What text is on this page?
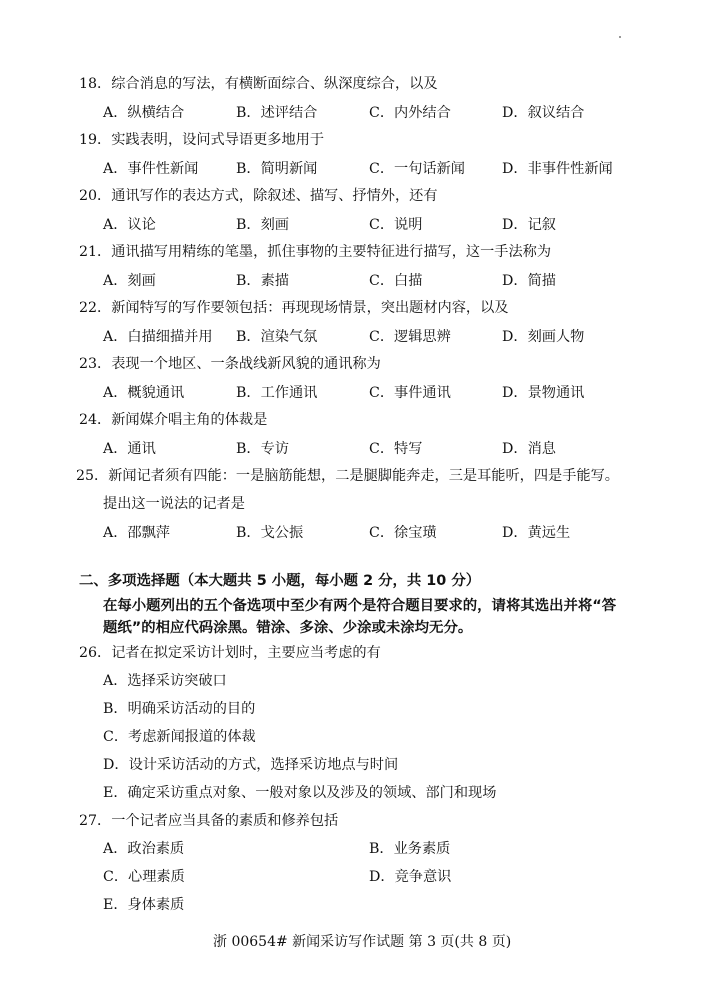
18．综合消息的写法，有横断面综合、纵深度综合，以及
A．纵横结合	B．述评结合	C．内外结合	D．叙议结合
19．实践表明，设问式导语更多地用于
A．事件性新闻	B．简明新闻	C．一句话新闻	D．非事件性新闻
20．通讯写作的表达方式，除叙述、描写、抒情外，还有
A．议论	B．刻画	C．说明	D．记叙
21．通讯描写用精练的笔墨，抓住事物的主要特征进行描写，这一手法称为
A．刻画	B．素描	C．白描	D．简描
22．新闻特写的写作要领包括：再现现场情景，突出题材内容，以及
A．白描细描并用 B．渲染气氛	C．逻辑思辨	D．刻画人物
23．表现一个地区、一条战线新风貌的通讯称为
A．概貌通讯	B．工作通讯	C．事件通讯	D．景物通讯
24．新闻媒介唱主角的体裁是
A．通讯	B．专访	C．特写	D．消息
25．新闻记者须有四能：一是脑筋能想，二是腿脚能奔走，三是耳能听，四是手能写。
提出这一说法的记者是
A．邵飘萍	B．戈公振	C．徐宝璜	D．黄远生
二、多项选择题（本大题共 5 小题，每小题 2 分，共 10 分）
在每小题列出的五个备选项中至少有两个是符合题目要求的，请将其选出并将“答
题纸”的相应代码涂黑。错涂、多涂、少涂或未涂均无分。
26．记者在拟定采访计划时，主要应当考虑的有
A．选择采访突破口
B．明确采访活动的目的
C．考虑新闻报道的体裁
D．设计采访活动的方式，选择采访地点与时间
E．确定采访重点对象、一般对象以及涉及的领域、部门和现场
27．一个记者应当具备的素质和修养包括
A．政治素质	B．业务素质
C．心理素质	D．竞争意识
E．身体素质
浙 00654# 新闻采访写作试题 第 3 页(共 8 页)
